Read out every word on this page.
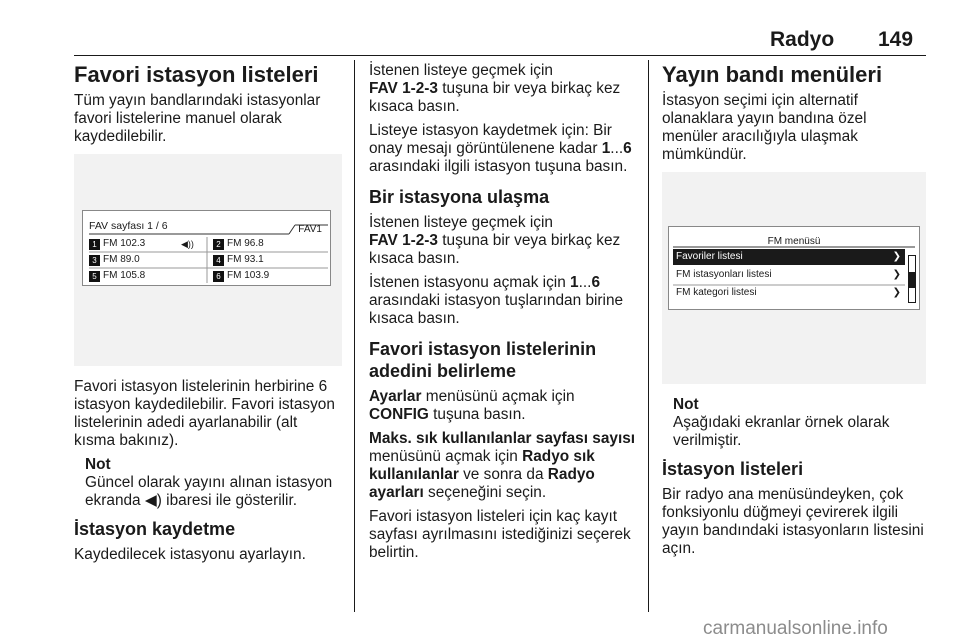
Radyo 149
Favori istasyon listeleri

Tüm yayın bandlarındaki istasyonlar favori listelerine manuel olarak kaydedilebilir.

FAV sayfası 1 / 6	FAV1
1 FM 102.3	◀))	2 FM 96.8
3 FM 89.0	4 FM 93.1
5 FM 105.8	6 FM 103.9

Favori istasyon listelerinin herbirine 6 istasyon kaydedilebilir. Favori istasyon listelerinin adedi ayarlanabilir (alt kısma bakınız).

Not
Güncel olarak yayını alınan istasyon ekranda ◀) ibaresi ile gösterilir.
İstasyon kaydetme

Kaydedilecek istasyonu ayarlayın.

İstenen listeye geçmek için
FAV 1-2-3 tuşuna bir veya birkaç kez kısaca basın.

Listeye istasyon kaydetmek için: Bir onay mesajı görüntülenene kadar 1...6 arasındaki ilgili istasyon tuşuna basın.

Bir istasyona ulaşma

İstenen listeye geçmek için
FAV 1-2-3 tuşuna bir veya birkaç kez kısaca basın.

İstenen istasyonu açmak için 1...6 arasındaki istasyon tuşlarından birine kısaca basın.

Favori istasyon listelerinin adedini belirleme

Ayarlar menüsünü açmak için
CONFIG tuşuna basın.

Maks. sık kullanılanlar sayfası sayısı menüsünü açmak için Radyo sık kullanılanlar ve sonra da Radyo ayarları seçeneğini seçin.

Favori istasyon listeleri için kaç kayıt sayfası ayrılmasını istediğinizi seçerek belirtin.

Yayın bandı menüleri

İstasyon seçimi için alternatif olanaklara yayın bandına özel menüler aracılığıyla ulaşmak mümkündür.

FM menüsü
Favoriler listesi	❯
FM istasyonları listesi	❯
FM kategori listesi	❯
Not
Aşağıdaki ekranlar örnek olarak verilmiştir.
İstasyon listeleri

Bir radyo ana menüsündeyken, çok fonksiyonlu düğmeyi çevirerek ilgili yayın bandındaki istasyonların listesini açın.

carmanualsonline.info
